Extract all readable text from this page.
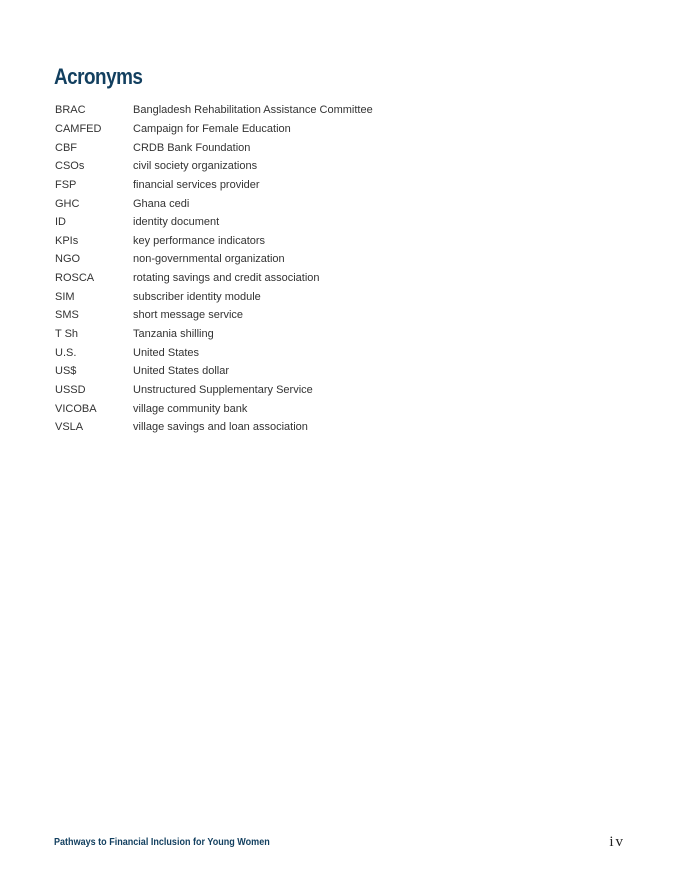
Acronyms
BRAC	Bangladesh Rehabilitation Assistance Committee
CAMFED	Campaign for Female Education
CBF	CRDB Bank Foundation
CSOs	civil society organizations
FSP	financial services provider
GHC	Ghana cedi
ID	identity document
KPIs	key performance indicators
NGO	non-governmental organization
ROSCA	rotating savings and credit association
SIM	subscriber identity module
SMS	short message service
T Sh	Tanzania shilling
U.S.	United States
US$	United States dollar
USSD	Unstructured Supplementary Service
VICOBA	village community bank
VSLA	village savings and loan association
Pathways to Financial Inclusion for Young Women	iv
